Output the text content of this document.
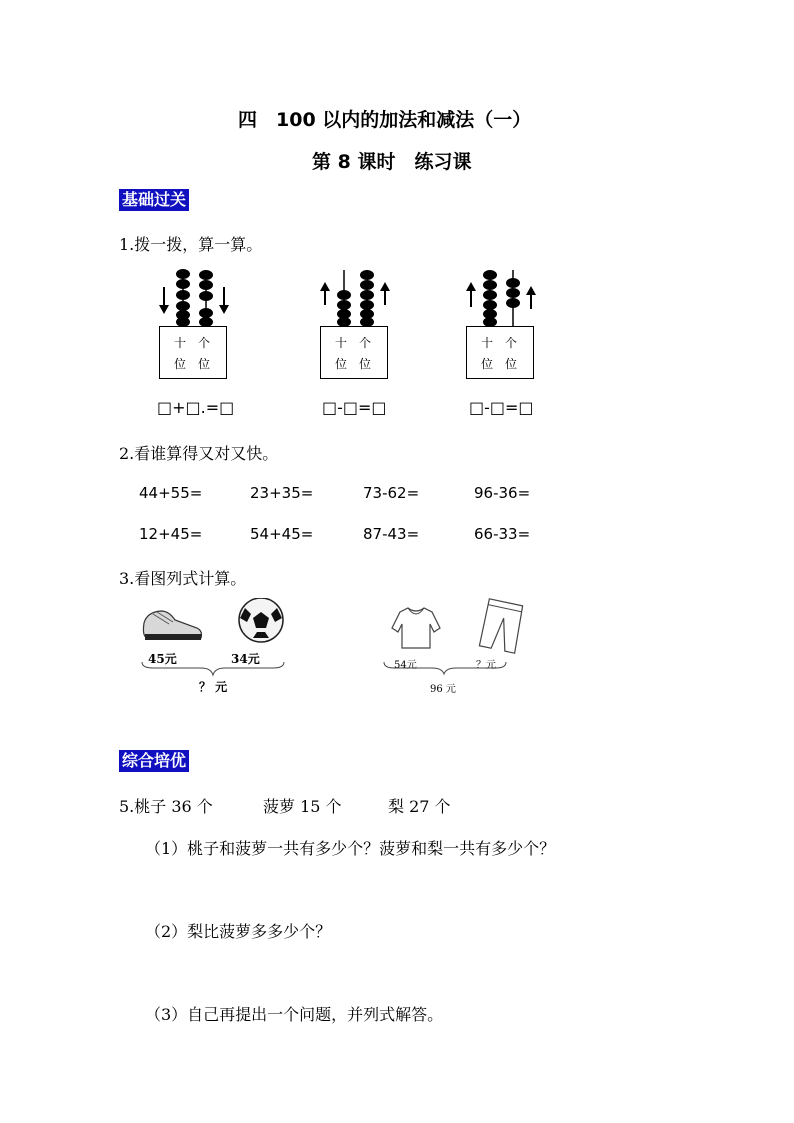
四　100 以内的加法和减法（一）
第 8 课时　练习课
基础过关
1.拨一拨，算一算。
十 个
位 位
□+□.=□
十 个
位 位
□-□=□
十 个
位 位
□-□=□
2.看谁算得又对又快。
44+55=	23+35=	73-62=	96-36=
12+45=	54+45=	87-43=	66-33=
3.看图列式计算。
45元	34元
？ 元
54元	？元
96 元
综合培优
5.桃子 36 个	菠萝 15 个	梨 27 个
（1）桃子和菠萝一共有多少个？菠萝和梨一共有多少个？
（2）梨比菠萝多多少个？
（3）自己再提出一个问题，并列式解答。
